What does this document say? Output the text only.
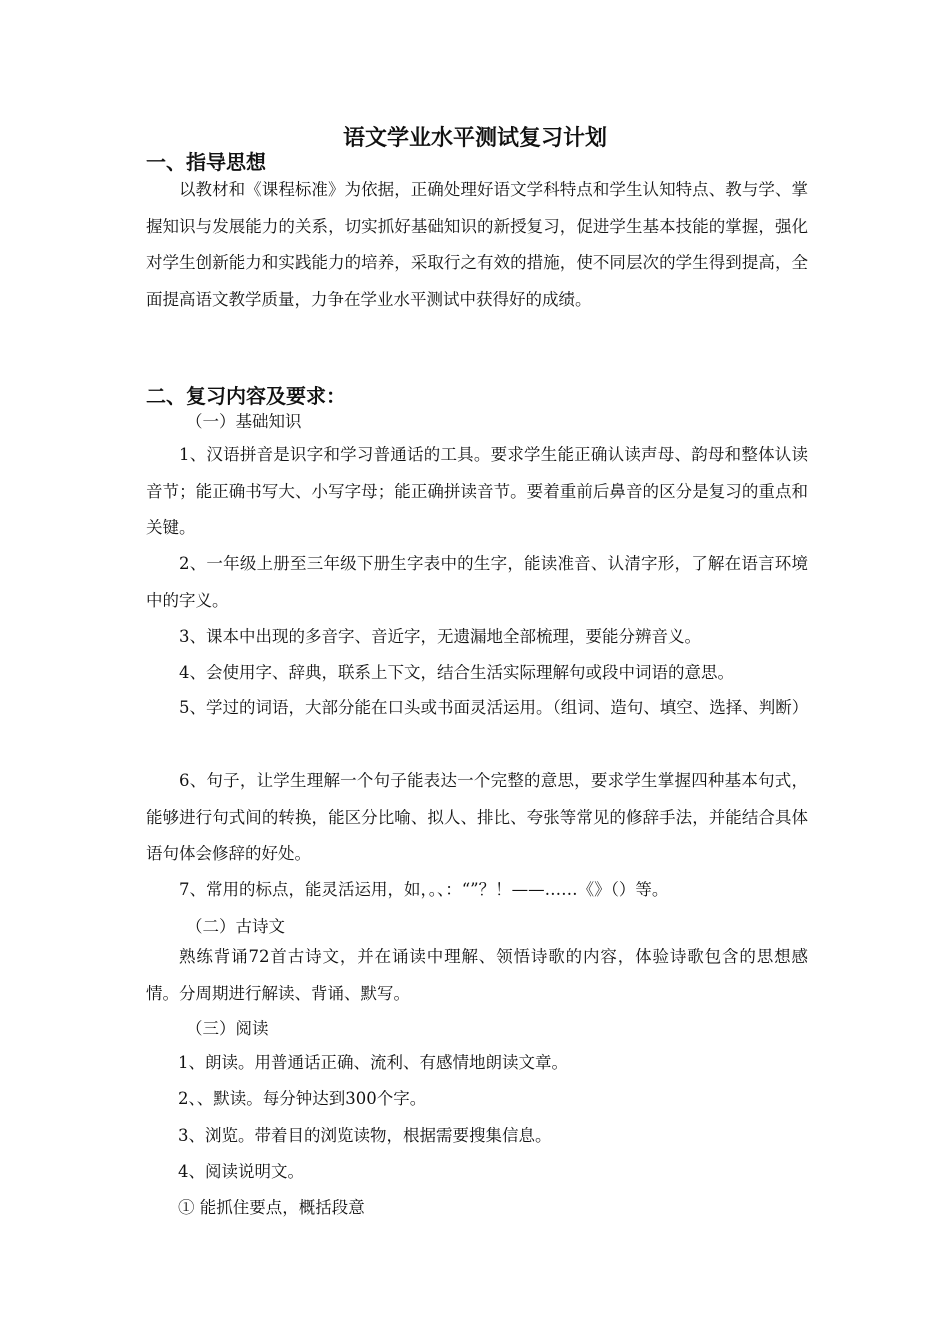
语文学业水平测试复习计划
一、指导思想
以教材和《课程标准》为依据，正确处理好语文学科特点和学生认知特点、教与学、掌握知识与发展能力的关系，切实抓好基础知识的新授复习，促进学生基本技能的掌握，强化对学生创新能力和实践能力的培养，采取行之有效的措施，使不同层次的学生得到提高，全面提高语文教学质量，力争在学业水平测试中获得好的成绩。
二、复习内容及要求：
（一）基础知识
1、汉语拼音是识字和学习普通话的工具。要求学生能正确认读声母、韵母和整体认读音节；能正确书写大、小写字母；能正确拼读音节。要着重前后鼻音的区分是复习的重点和关键。
2、一年级上册至三年级下册生字表中的生字，能读准音、认清字形，了解在语言环境中的字义。
3、课本中出现的多音字、音近字，无遗漏地全部梳理，要能分辨音义。
4、会使用字、辞典，联系上下文，结合生活实际理解句或段中词语的意思。
5、学过的词语，大部分能在口头或书面灵活运用。（组词、造句、填空、选择、判断）
6、句子，让学生理解一个句子能表达一个完整的意思，要求学生掌握四种基本句式，能够进行句式间的转换，能区分比喻、拟人、排比、夸张等常见的修辞手法，并能结合具体语句体会修辞的好处。
7、常用的标点，能灵活运用，如，。、：“”？！——……《》（）等。
（二）古诗文
熟练背诵72首古诗文，并在诵读中理解、领悟诗歌的内容，体验诗歌包含的思想感情。分周期进行解读、背诵、默写。
（三）阅读
1、朗读。用普通话正确、流利、有感情地朗读文章。
2、、默读。每分钟达到300个字。
3、浏览。带着目的浏览读物，根据需要搜集信息。
4、阅读说明文。
① 能抓住要点，概括段意
